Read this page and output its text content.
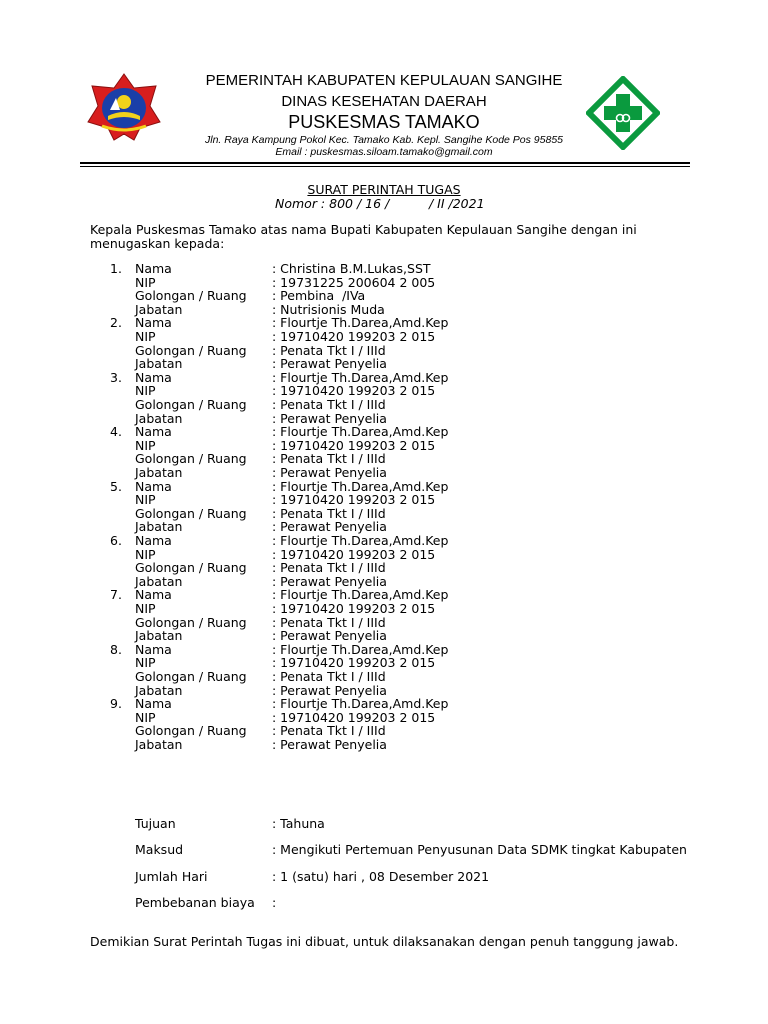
PEMERINTAH KABUPATEN KEPULAUAN SANGIHE
DINAS KESEHATAN DAERAH
PUSKESMAS TAMAKO
Jln. Raya Kampung Pokol Kec. Tamako Kab. Kepl. Sangihe Kode Pos 95855
Email : puskesmas.siloam.tamako@gmail.com
SURAT PERINTAH TUGAS
Nomor : 800 / 16 /          / II /2021
Kepala Puskesmas Tamako atas nama Bupati Kabupaten Kepulauan Sangihe dengan ini
menugaskan kepada:
1. Nama	: Christina B.M.Lukas,SST
NIP	: 19731225 200604 2 005
Golongan / Ruang : Pembina  /IVa
Jabatan	: Nutrisionis Muda
2. Nama	: Flourtje Th.Darea,Amd.Kep
NIP	: 19710420 199203 2 015
Golongan / Ruang : Penata Tkt I / IIId
Jabatan	: Perawat Penyelia
3. Nama	: Flourtje Th.Darea,Amd.Kep
NIP	: 19710420 199203 2 015
Golongan / Ruang : Penata Tkt I / IIId
Jabatan	: Perawat Penyelia
4. Nama	: Flourtje Th.Darea,Amd.Kep
NIP	: 19710420 199203 2 015
Golongan / Ruang : Penata Tkt I / IIId
Jabatan	: Perawat Penyelia
5. Nama	: Flourtje Th.Darea,Amd.Kep
NIP	: 19710420 199203 2 015
Golongan / Ruang : Penata Tkt I / IIId
Jabatan	: Perawat Penyelia
6. Nama	: Flourtje Th.Darea,Amd.Kep
NIP	: 19710420 199203 2 015
Golongan / Ruang : Penata Tkt I / IIId
Jabatan	: Perawat Penyelia
7. Nama	: Flourtje Th.Darea,Amd.Kep
NIP	: 19710420 199203 2 015
Golongan / Ruang : Penata Tkt I / IIId
Jabatan	: Perawat Penyelia
8. Nama	: Flourtje Th.Darea,Amd.Kep
NIP	: 19710420 199203 2 015
Golongan / Ruang : Penata Tkt I / IIId
Jabatan	: Perawat Penyelia
9. Nama	: Flourtje Th.Darea,Amd.Kep
NIP	: 19710420 199203 2 015
Golongan / Ruang : Penata Tkt I / IIId
Jabatan	: Perawat Penyelia
Tujuan	: Tahuna
Maksud	: Mengikuti Pertemuan Penyusunan Data SDMK tingkat Kabupaten
Jumlah Hari	: 1 (satu) hari , 08 Desember 2021
Pembebanan biaya :
Demikian Surat Perintah Tugas ini dibuat, untuk dilaksanakan dengan penuh tanggung jawab.
